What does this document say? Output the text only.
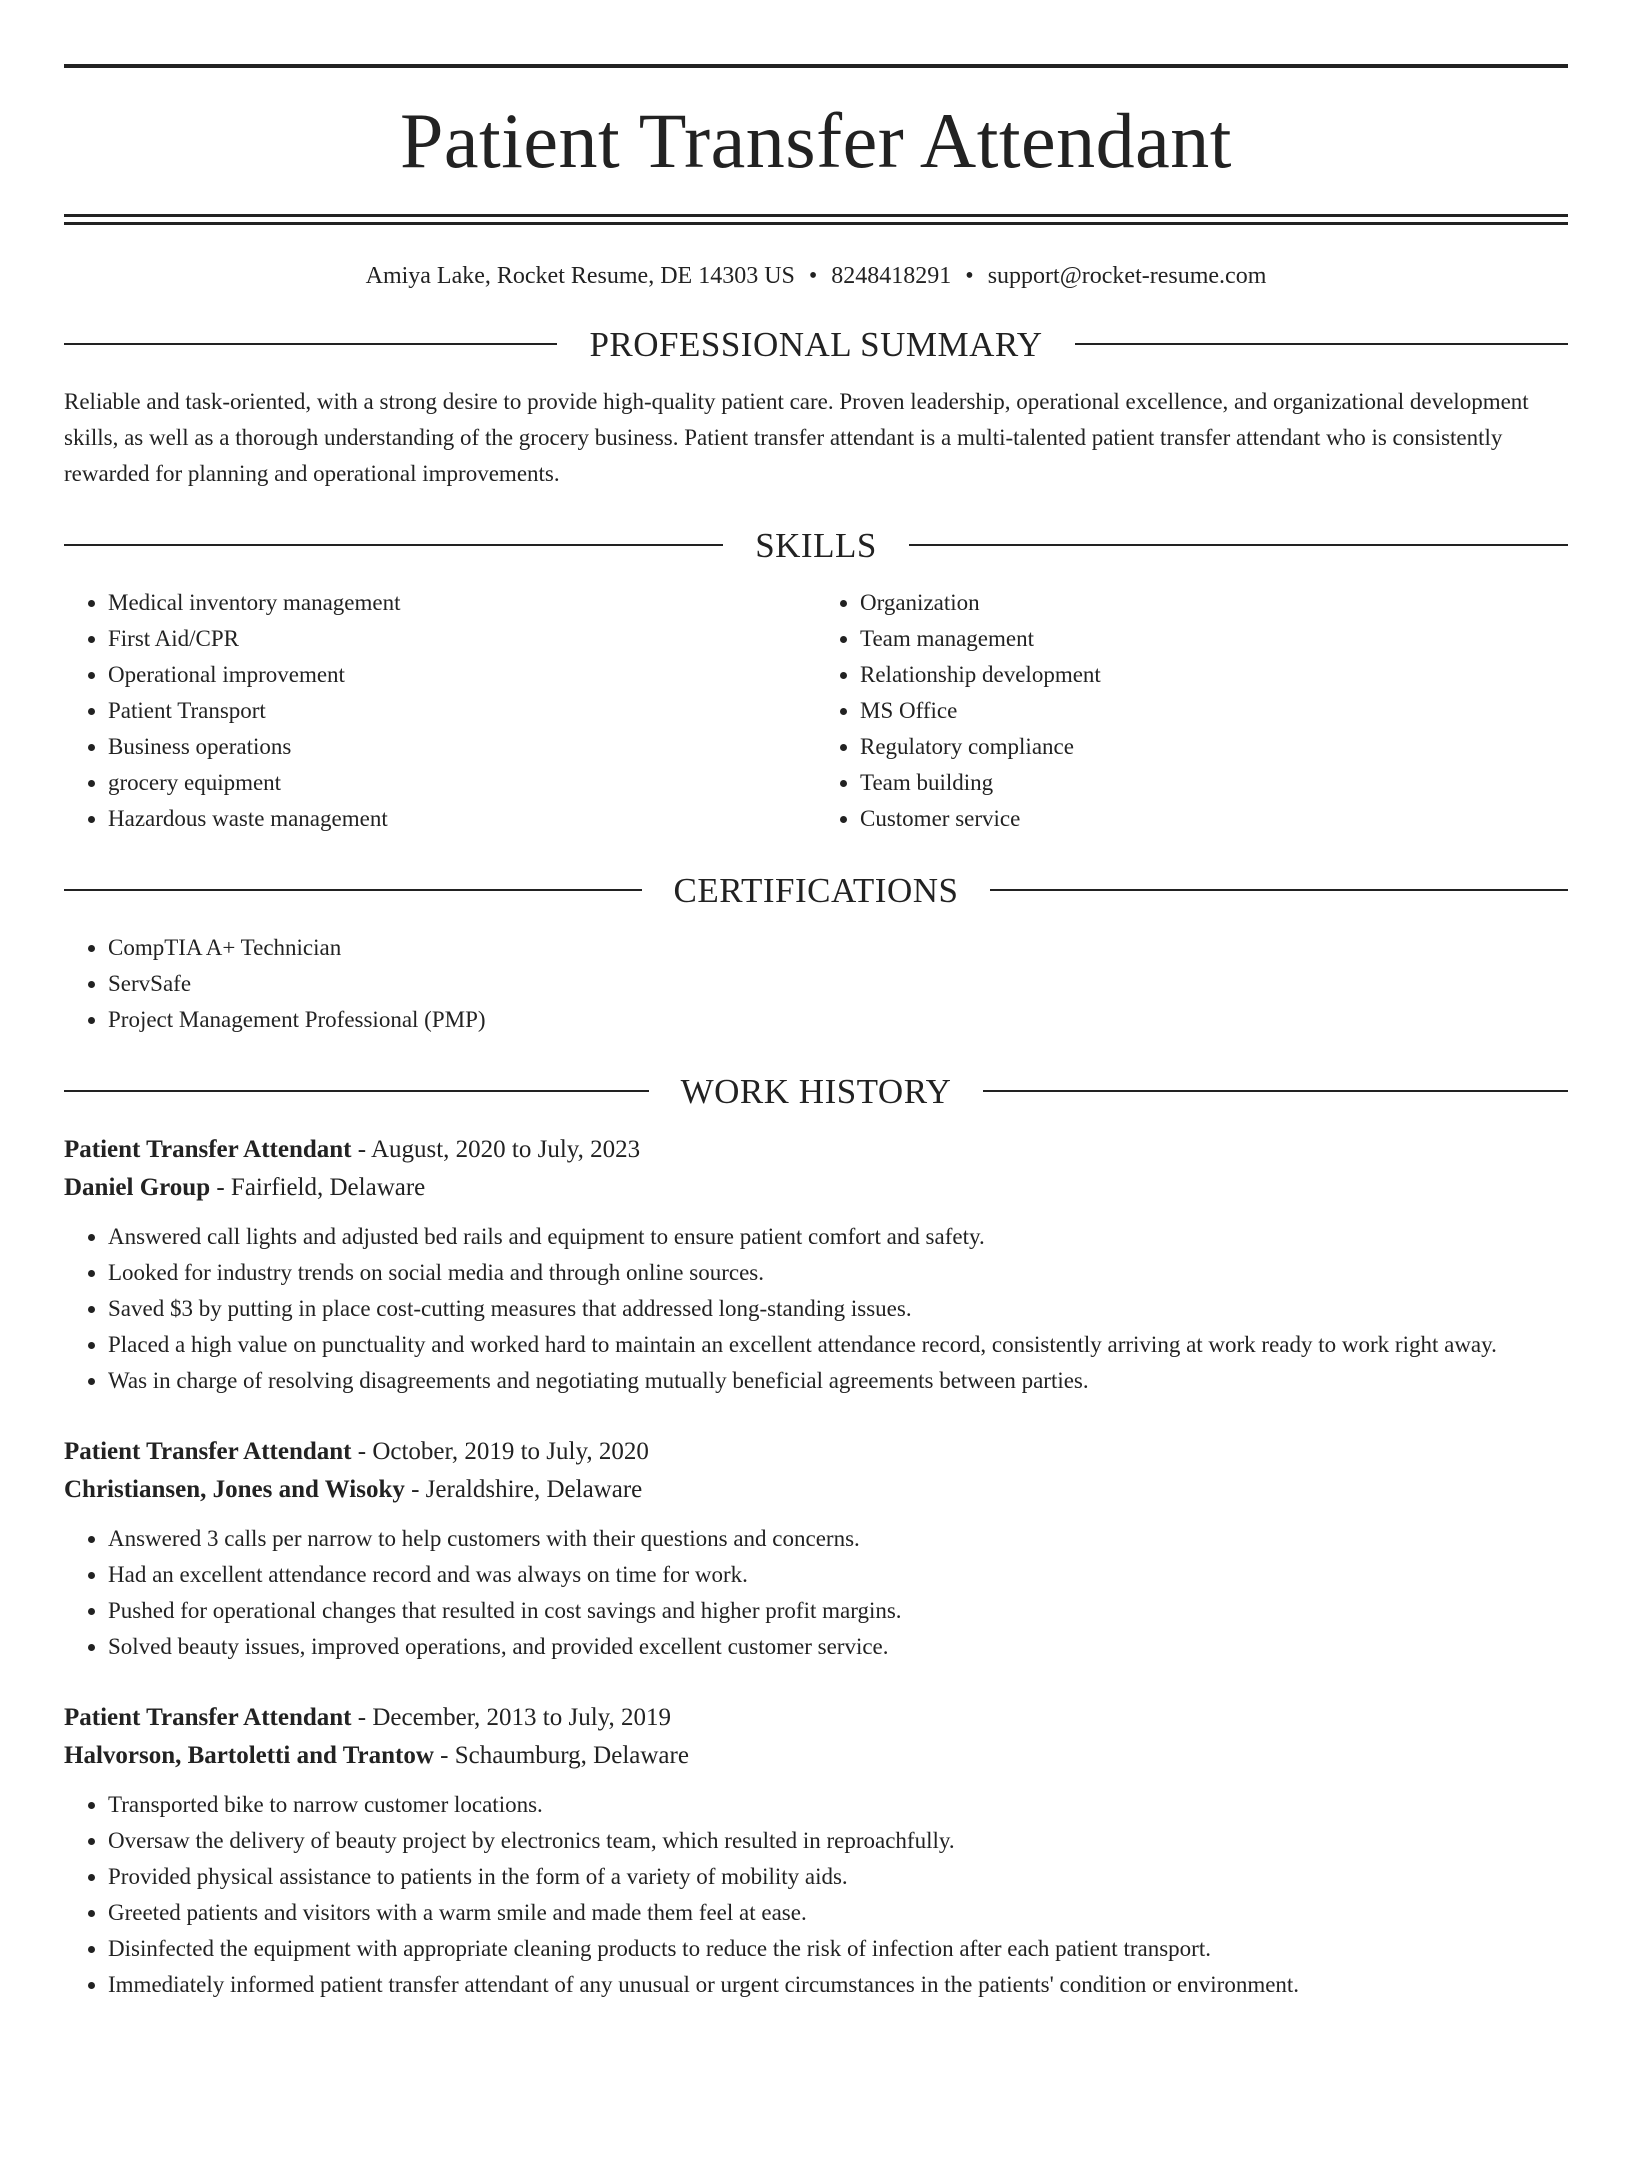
Patient Transfer Attendant
Amiya Lake, Rocket Resume, DE 14303 US • 8248418291 • support@rocket-resume.com
PROFESSIONAL SUMMARY
Reliable and task-oriented, with a strong desire to provide high-quality patient care. Proven leadership, operational excellence, and organizational development skills, as well as a thorough understanding of the grocery business. Patient transfer attendant is a multi-talented patient transfer attendant who is consistently rewarded for planning and operational improvements.
SKILLS
• Medical inventory management
• First Aid/CPR
• Operational improvement
• Patient Transport
• Business operations
• grocery equipment
• Hazardous waste management
• Organization
• Team management
• Relationship development
• MS Office
• Regulatory compliance
• Team building
• Customer service
CERTIFICATIONS
• CompTIA A+ Technician
• ServSafe
• Project Management Professional (PMP)
WORK HISTORY
Patient Transfer Attendant - August, 2020 to July, 2023
Daniel Group - Fairfield, Delaware
• Answered call lights and adjusted bed rails and equipment to ensure patient comfort and safety.
• Looked for industry trends on social media and through online sources.
• Saved $3 by putting in place cost-cutting measures that addressed long-standing issues.
• Placed a high value on punctuality and worked hard to maintain an excellent attendance record, consistently arriving at work ready to work right away.
• Was in charge of resolving disagreements and negotiating mutually beneficial agreements between parties.
Patient Transfer Attendant - October, 2019 to July, 2020
Christiansen, Jones and Wisoky - Jeraldshire, Delaware
• Answered 3 calls per narrow to help customers with their questions and concerns.
• Had an excellent attendance record and was always on time for work.
• Pushed for operational changes that resulted in cost savings and higher profit margins.
• Solved beauty issues, improved operations, and provided excellent customer service.
Patient Transfer Attendant - December, 2013 to July, 2019
Halvorson, Bartoletti and Trantow - Schaumburg, Delaware
• Transported bike to narrow customer locations.
• Oversaw the delivery of beauty project by electronics team, which resulted in reproachfully.
• Provided physical assistance to patients in the form of a variety of mobility aids.
• Greeted patients and visitors with a warm smile and made them feel at ease.
• Disinfected the equipment with appropriate cleaning products to reduce the risk of infection after each patient transport.
• Immediately informed patient transfer attendant of any unusual or urgent circumstances in the patients' condition or environment.
